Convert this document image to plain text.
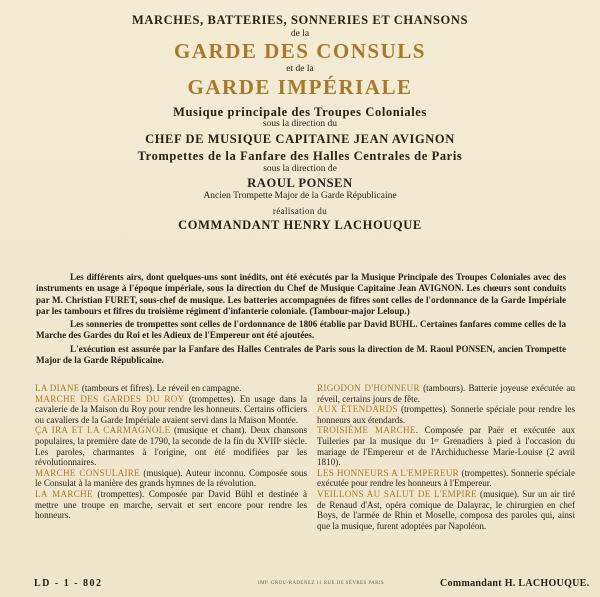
MARCHES, BATTERIES, SONNERIES ET CHANSONS
de la
GARDE DES CONSULS
et de la
GARDE IMPÉRIALE
Musique principale des Troupes Coloniales
sous la direction du
CHEF DE MUSIQUE CAPITAINE JEAN AVIGNON
Trompettes de la Fanfare des Halles Centrales de Paris
sous la direction de
RAOUL PONSEN
Ancien Trompette Major de la Garde Républicaine
réalisation du
COMMANDANT HENRY LACHOUQUE

Les différents airs, dont quelques-uns sont inédits, ont été exécutés par la Musique Principale des Troupes Coloniales avec des instruments en usage à l'époque impériale, sous la direction du Chef de Musique Capitaine Jean AVIGNON. Les chœurs sont conduits par M. Christian FURET, sous-chef de musique. Les batteries accompagnées de fifres sont celles de l'ordonnance de la Garde Impériale par les tambours et fifres du troisième régiment d'infanterie coloniale. (Tambour-major Leloup.)

Les sonneries de trompettes sont celles de l'ordonnance de 1806 établie par David BUHL. Certaines fanfares comme celles de la Marche des Gardes du Roi et les Adieux de l'Empereur ont été ajoutées.

L'exécution est assurée par la Fanfare des Halles Centrales de Paris sous la direction de M. Raoul PONSEN, ancien Trompette Major de la Garde Républicaine.

LA DIANE (tambours et fifres). Le réveil en campagne.

MARCHE DES GARDES DU ROY (trompettes). En usage dans la cavalerie de la Maison du Roy pour rendre les honneurs. Certains officiers ou cavaliers de la Garde Impériale avaient servi dans la Maison Montée.

ÇA IRA ET LA CARMAGNOLE (musique et chant). Deux chansons populaires, la première date de 1790, la seconde de la fin du XVIIIᵉ siècle. Les paroles, charmantes à l'origine, ont été modifiées par les révolutionnaires.

MARCHE CONSULAIRE (musique). Auteur inconnu. Composée sous le Consulat à la manière des grands hymnes de la révolution.

LA MARCHE (trompettes). Composée par David Bühl et destinée à mettre une troupe en marche, servait et sert encore pour rendre les honneurs.

RIGODON D'HONNEUR (tambours). Batterie joyeuse exécutée au réveil, certains jours de fête.

AUX ÉTENDARDS (trompettes). Sonnerie spéciale pour rendre les honneurs aux étendards.

TROISIÈME MARCHE. Composée par Paër et exécutée aux Tuileries par la musique du 1ᵉʳ Grenadiers à pied à l'occasion du mariage de l'Empereur et de l'Archiduchesse Marie-Louise (2 avril 1810).

LES HONNEURS A L'EMPEREUR (trompettes). Sonnerie spéciale exécutée pour rendre les honneurs à l'Empereur.

VEILLONS AU SALUT DE L'EMPIRE (musique). Sur un air tiré de Renaud d'Ast, opéra comique de Dalayrac, le chirurgien en chef Boys, de l'armée de Rhin et Moselle, composa des paroles qui, ainsi que la musique, furent adoptées par Napoléon.

LD - 1 - 802	IMP. GROU-RADENEZ 11 RUE DE SÈVRES PARIS	Commandant H. LACHOUQUE.
